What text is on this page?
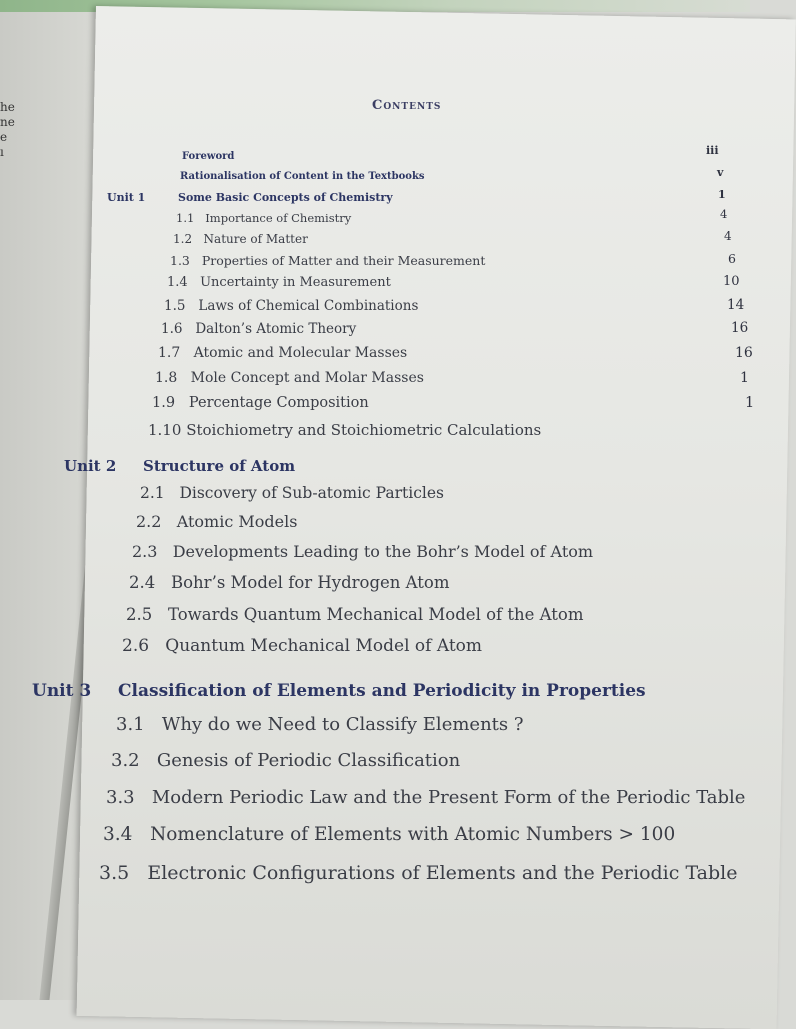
he
ne
e
ı
Contents
Foreword	iii
Rationalisation of Content in the Textbooks	v
Unit 1	Some Basic Concepts of Chemistry	1
1.1 Importance of Chemistry	4
1.2 Nature of Matter	4
1.3 Properties of Matter and their Measurement	6
1.4 Uncertainty in Measurement	10
1.5 Laws of Chemical Combinations	14
1.6 Dalton’s Atomic Theory	16
1.7 Atomic and Molecular Masses	16
1.8 Mole Concept and Molar Masses	1
1.9 Percentage Composition	1
1.10 Stoichiometry and Stoichiometric Calculations
Unit 2 Structure of Atom
2.1 Discovery of Sub-atomic Particles
2.2 Atomic Models
2.3 Developments Leading to the Bohr’s Model of Atom
2.4 Bohr’s Model for Hydrogen Atom
2.5 Towards Quantum Mechanical Model of the Atom
2.6 Quantum Mechanical Model of Atom
Unit 3 Classification of Elements and Periodicity in Properties
3.1 Why do we Need to Classify Elements ?
3.2 Genesis of Periodic Classification
3.3 Modern Periodic Law and the Present Form of the Periodic Table
3.4 Nomenclature of Elements with Atomic Numbers > 100
3.5 Electronic Configurations of Elements and the Periodic Table
